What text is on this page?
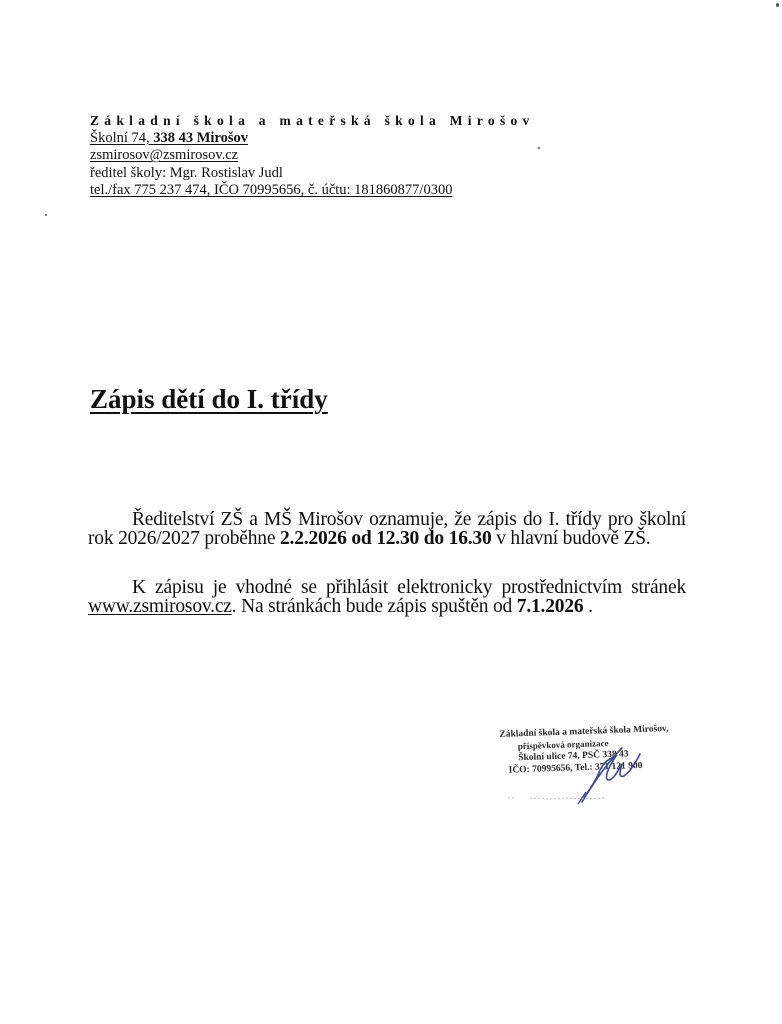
Základní škola a mateřská škola Mirošov
Školní 74, 338 43 Mirošov
zsmirosov@zsmirosov.cz
ředitel školy: Mgr. Rostislav Judl
tel./fax 775 237 474, IČO 70995656, č. účtu: 181860877/0300
Zápis dětí do I. třídy

Ředitelství ZŠ a MŠ Mirošov oznamuje, že zápis do I. třídy pro školní rok 2026/2027 proběhne 2.2.2026 od 12.30 do 16.30 v hlavní budově ZŠ.

K zápisu je vhodné se přihlásit elektronicky prostřednictvím stránek www.zsmirosov.cz. Na stránkách bude zápis spuštěn od 7.1.2026 .

Základní škola a mateřská škola Mirošov,
příspěvková organizace
Školní ulice 74, PSČ 338 43
IČO: 70995656, Tel.: 371 121 900
